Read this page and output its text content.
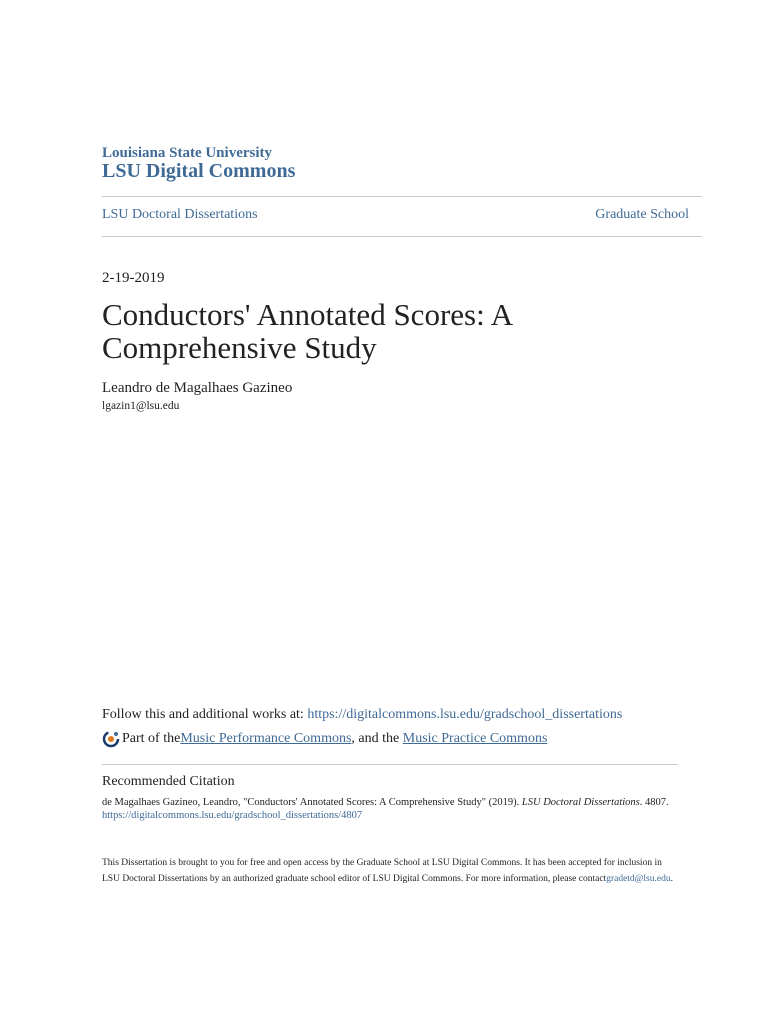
Louisiana State University
LSU Digital Commons
LSU Doctoral Dissertations	Graduate School
2-19-2019
Conductors' Annotated Scores: A Comprehensive Study
Leandro de Magalhaes Gazineo
lgazin1@lsu.edu
Follow this and additional works at: https://digitalcommons.lsu.edu/gradschool_dissertations
Part of the Music Performance Commons , and the Music Practice Commons
Recommended Citation
de Magalhaes Gazineo, Leandro, "Conductors' Annotated Scores: A Comprehensive Study" (2019). LSU Doctoral Dissertations. 4807.
https://digitalcommons.lsu.edu/gradschool_dissertations/4807
This Dissertation is brought to you for free and open access by the Graduate School at LSU Digital Commons. It has been accepted for inclusion in
LSU Doctoral Dissertations by an authorized graduate school editor of LSU Digital Commons. For more information, please contactgradetd@lsu.edu.
